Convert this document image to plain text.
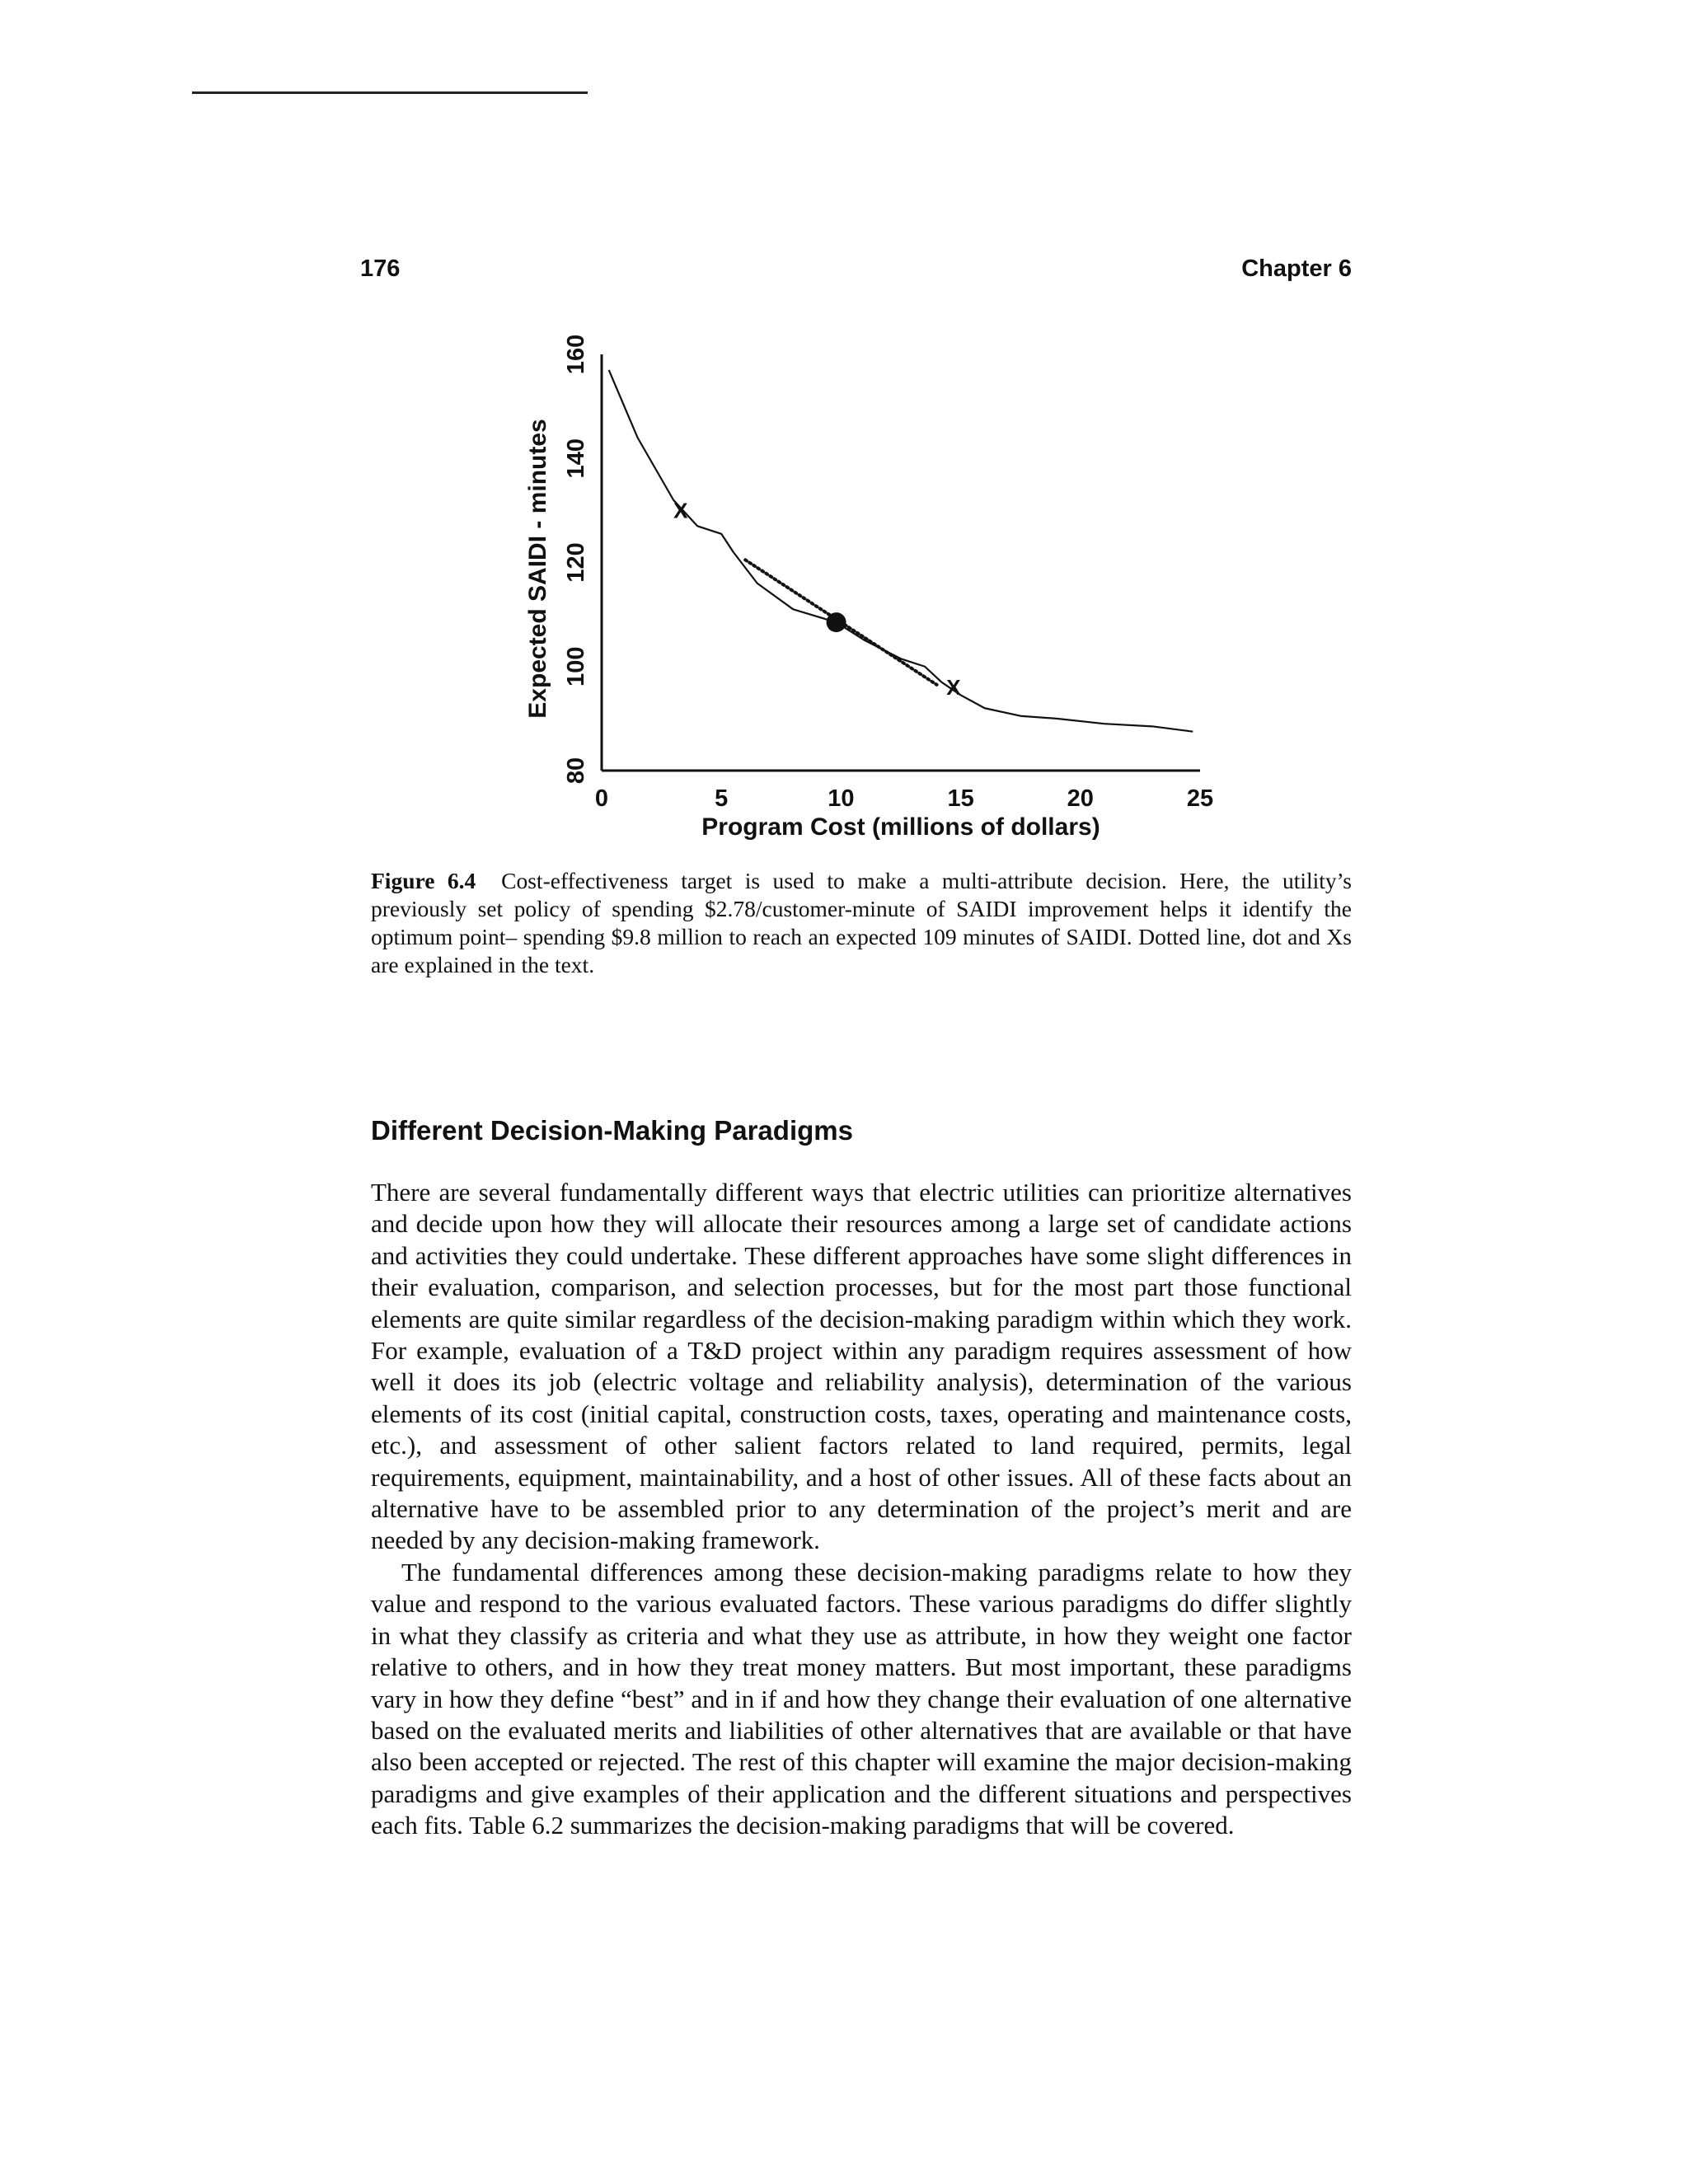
176	Chapter 6
0	5	10	15	20	25
80
100
120
140
160
X
X
Program Cost (millions of dollars)
Expected SAIDI - minutes
Figure 6.4 Cost-effectiveness target is used to make a multi-attribute decision. Here, the utility’s previously set policy of spending $2.78/customer-minute of SAIDI improvement helps it identify the optimum point– spending $9.8 million to reach an expected 109 minutes of SAIDI. Dotted line, dot and Xs are explained in the text.
Different Decision-Making Paradigms

There are several fundamentally different ways that electric utilities can prioritize alternatives and decide upon how they will allocate their resources among a large set of candidate actions and activities they could undertake. These different approaches have some slight differences in their evaluation, comparison, and selection processes, but for the most part those functional elements are quite similar regardless of the decision-making paradigm within which they work. For example, evaluation of a T&D project within any paradigm requires assessment of how well it does its job (electric voltage and reliability analysis), determination of the various elements of its cost (initial capital, construction costs, taxes, operating and maintenance costs, etc.), and assessment of other salient factors related to land required, permits, legal requirements, equipment, maintainability, and a host of other issues. All of these facts about an alternative have to be assembled prior to any determination of the project’s merit and are needed by any decision-making framework.

The fundamental differences among these decision-making paradigms relate to how they value and respond to the various evaluated factors. These various paradigms do differ slightly in what they classify as criteria and what they use as attribute, in how they weight one factor relative to others, and in how they treat money matters. But most important, these paradigms vary in how they define “best” and in if and how they change their evaluation of one alternative based on the evaluated merits and liabilities of other alternatives that are available or that have also been accepted or rejected. The rest of this chapter will examine the major decision-making paradigms and give examples of their application and the different situations and perspectives each fits. Table 6.2 summarizes the decision-making paradigms that will be covered.
